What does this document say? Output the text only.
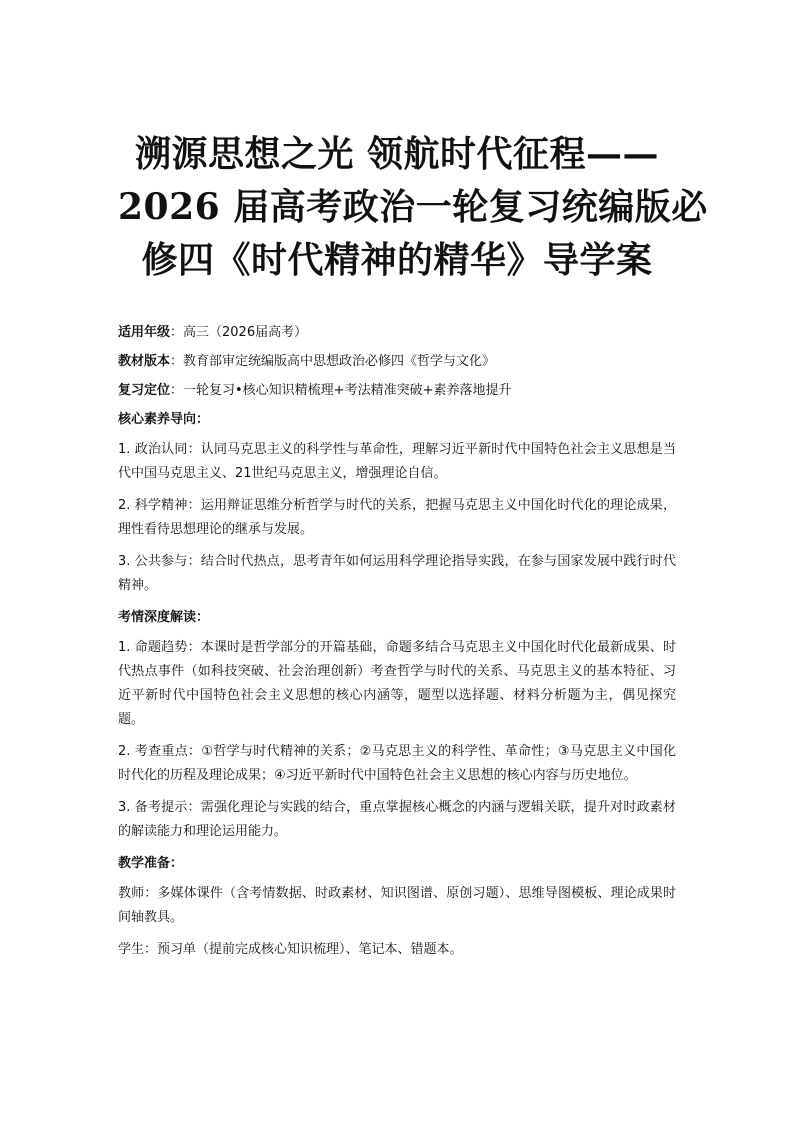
溯源思想之光 领航时代征程——
2026 届高考政治一轮复习统编版必
修四《时代精神的精华》导学案
适用年级：高三（2026届高考）
教材版本：教育部审定统编版高中思想政治必修四《哲学与文化》
复习定位：一轮复习•核心知识精梳理+考法精准突破+素养落地提升
核心素养导向：
1. 政治认同：认同马克思主义的科学性与革命性，理解习近平新时代中国特色社会主义思想是当代中国马克思主义、21世纪马克思主义，增强理论自信。
2. 科学精神：运用辩证思维分析哲学与时代的关系，把握马克思主义中国化时代化的理论成果，理性看待思想理论的继承与发展。
3. 公共参与：结合时代热点，思考青年如何运用科学理论指导实践，在参与国家发展中践行时代精神。
考情深度解读：
1. 命题趋势：本课时是哲学部分的开篇基础，命题多结合马克思主义中国化时代化最新成果、时代热点事件（如科技突破、社会治理创新）考查哲学与时代的关系、马克思主义的基本特征、习近平新时代中国特色社会主义思想的核心内涵等，题型以选择题、材料分析题为主，偶见探究题。
2. 考查重点：①哲学与时代精神的关系；②马克思主义的科学性、革命性；③马克思主义中国化时代化的历程及理论成果；④习近平新时代中国特色社会主义思想的核心内容与历史地位。
3. 备考提示：需强化理论与实践的结合，重点掌握核心概念的内涵与逻辑关联，提升对时政素材的解读能力和理论运用能力。
教学准备：
教师：多媒体课件（含考情数据、时政素材、知识图谱、原创习题）、思维导图模板、理论成果时间轴教具。
学生：预习单（提前完成核心知识梳理）、笔记本、错题本。
